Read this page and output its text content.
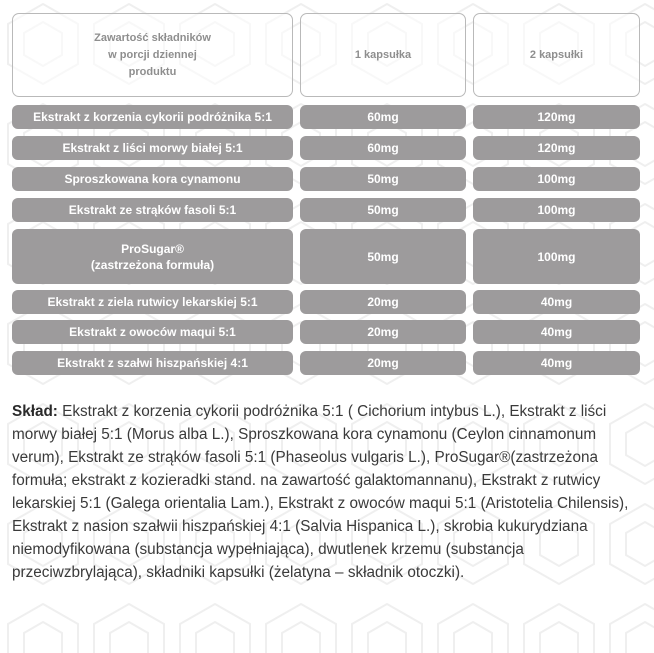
Zawartość składników
w porcji dziennej
produktu
1 kapsułka	2 kapsułki
Ekstrakt z korzenia cykorii podróżnika 5:1	60mg	120mg
Ekstrakt z liści morwy białej 5:1	60mg	120mg
Sproszkowana kora cynamonu	50mg	100mg
Ekstrakt ze strąków fasoli 5:1	50mg	100mg
ProSugar®
(zastrzeżona formuła)
50mg	100mg
Ekstrakt z ziela rutwicy lekarskiej 5:1	20mg	40mg
Ekstrakt z owoców maqui 5:1	20mg	40mg
Ekstrakt z szałwi hiszpańskiej 4:1	20mg	40mg
Skład: Ekstrakt z korzenia cykorii podróżnika 5:1 ( Cichorium intybus L.), Ekstrakt z liści morwy białej 5:1 (Morus alba L.), Sproszkowana kora cynamonu (Ceylon cinnamonum verum), Ekstrakt ze strąków fasoli 5:1 (Phaseolus vulgaris L.), ProSugar®(zastrzeżona formuła; ekstrakt z kozieradki stand. na zawartość galaktomannanu), Ekstrakt z rutwicy lekarskiej 5:1 (Galega orientalia Lam.), Ekstrakt z owoców maqui 5:1 (Aristotelia Chilensis), Ekstrakt z nasion szałwii hiszpańskiej 4:1 (Salvia Hispanica L.), skrobia kukurydziana niemodyfikowana (substancja wypełniająca), dwutlenek krzemu (substancja przeciwzbrylająca), składniki kapsułki (żelatyna – składnik otoczki).
